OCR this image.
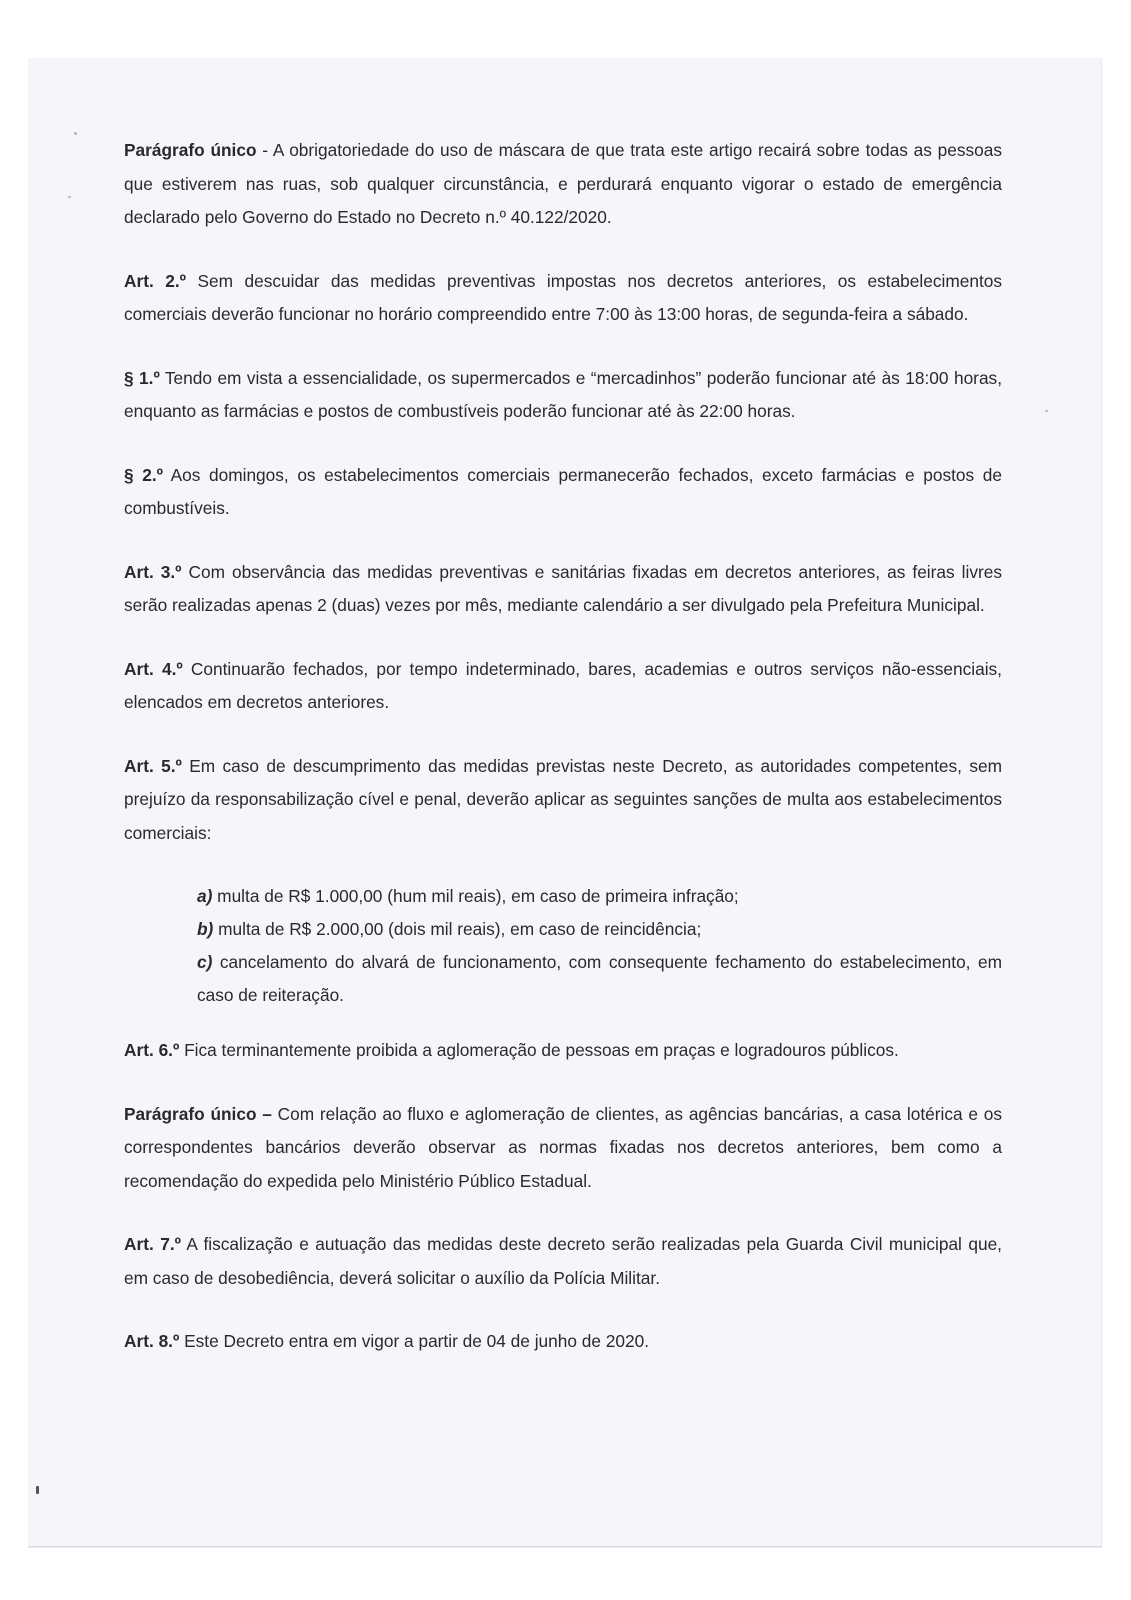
Parágrafo único - A obrigatoriedade do uso de máscara de que trata este artigo recairá sobre todas as pessoas que estiverem nas ruas, sob qualquer circunstância, e perdurará enquanto vigorar o estado de emergência declarado pelo Governo do Estado no Decreto n.º 40.122/2020.

Art. 2.º Sem descuidar das medidas preventivas impostas nos decretos anteriores, os estabelecimentos comerciais deverão funcionar no horário compreendido entre 7:00 às 13:00 horas, de segunda-feira a sábado.

§ 1.º Tendo em vista a essencialidade, os supermercados e “mercadinhos” poderão funcionar até às 18:00 horas, enquanto as farmácias e postos de combustíveis poderão funcionar até às 22:00 horas.

§ 2.º Aos domingos, os estabelecimentos comerciais permanecerão fechados, exceto farmácias e postos de combustíveis.

Art. 3.º Com observância das medidas preventivas e sanitárias fixadas em decretos anteriores, as feiras livres serão realizadas apenas 2 (duas) vezes por mês, mediante calendário a ser divulgado pela Prefeitura Municipal.

Art. 4.º Continuarão fechados, por tempo indeterminado, bares, academias e outros serviços não-essenciais, elencados em decretos anteriores.

Art. 5.º Em caso de descumprimento das medidas previstas neste Decreto, as autoridades competentes, sem prejuízo da responsabilização cível e penal, deverão aplicar as seguintes sanções de multa aos estabelecimentos comerciais:

a) multa de R$ 1.000,00 (hum mil reais), em caso de primeira infração;

b) multa de R$ 2.000,00 (dois mil reais), em caso de reincidência;

c) cancelamento do alvará de funcionamento, com consequente fechamento do estabelecimento, em caso de reiteração.

Art. 6.º Fica terminantemente proibida a aglomeração de pessoas em praças e logradouros públicos.

Parágrafo único – Com relação ao fluxo e aglomeração de clientes, as agências bancárias, a casa lotérica e os correspondentes bancários deverão observar as normas fixadas nos decretos anteriores, bem como a recomendação do expedida pelo Ministério Público Estadual.

Art. 7.º A fiscalização e autuação das medidas deste decreto serão realizadas pela Guarda Civil municipal que, em caso de desobediência, deverá solicitar o auxílio da Polícia Militar.

Art. 8.º Este Decreto entra em vigor a partir de 04 de junho de 2020.
